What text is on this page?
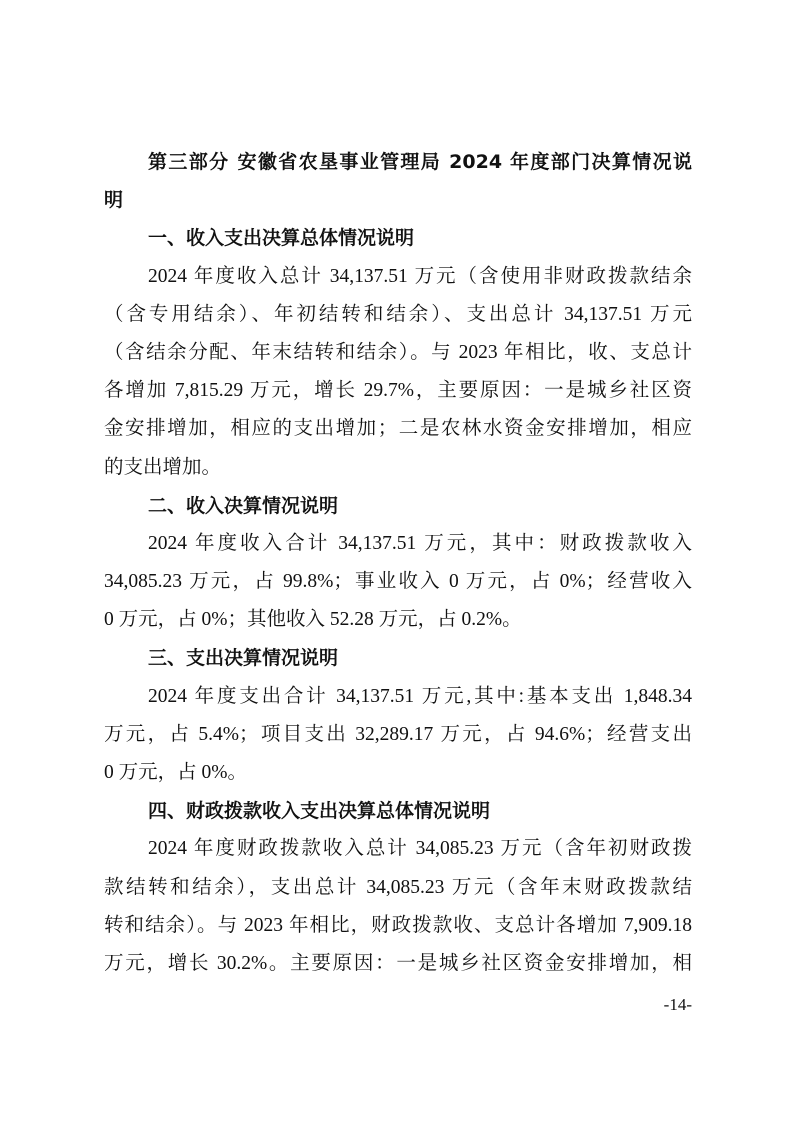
第三部分 安徽省农垦事业管理局 2024 年度部门决算情况说
明
一、收入支出决算总体情况说明
2024 年度收入总计 34,137.51 万元（含使用非财政拨款结余
（含专用结余）、年初结转和结余）、支出总计 34,137.51 万元
（含结余分配、年末结转和结余）。与 2023 年相比，收、支总计
各增加 7,815.29 万元，增长 29.7%，主要原因：一是城乡社区资
金安排增加，相应的支出增加；二是农林水资金安排增加，相应
的支出增加。
二、收入决算情况说明
2024 年度收入合计 34,137.51 万元，其中：财政拨款收入
34,085.23 万元，占 99.8%；事业收入 0 万元，占 0%；经营收入
0 万元，占 0%；其他收入 52.28 万元，占 0.2%。
三、支出决算情况说明
2024 年度支出合计 34,137.51 万元,其中:基本支出 1,848.34
万元，占 5.4%；项目支出 32,289.17 万元，占 94.6%；经营支出
0 万元，占 0%。
四、财政拨款收入支出决算总体情况说明
2024 年度财政拨款收入总计 34,085.23 万元（含年初财政拨
款结转和结余），支出总计 34,085.23 万元（含年末财政拨款结
转和结余）。与 2023 年相比，财政拨款收、支总计各增加 7,909.18
万元，增长 30.2%。主要原因：一是城乡社区资金安排增加，相
-14-
